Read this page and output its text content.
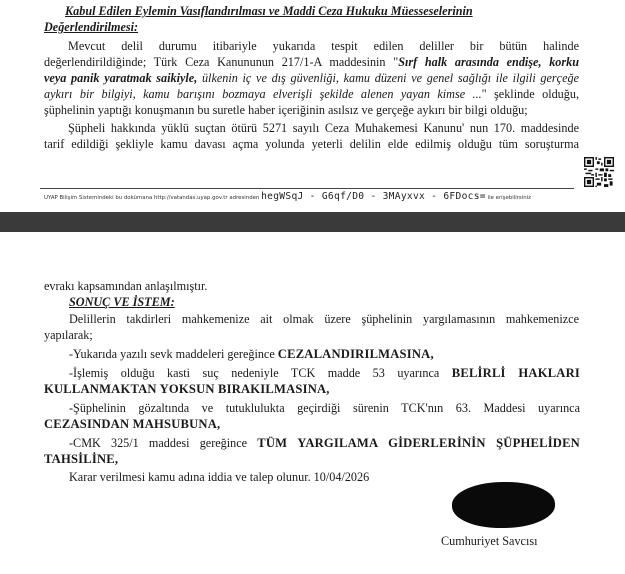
Kabul Edilen Eylemin Vasıflandırılması ve Maddi Ceza Hukuku Müesseselerinin
Değerlendirilmesi:
Mevcut delil durumu itibariyle yukarıda tespit edilen deliller bir bütün halinde
değerlendirildiğinde; Türk Ceza Kanununun 217/1-A maddesinin "Sırf halk arasında endişe, korku
veya panik yaratmak saikiyle, ülkenin iç ve dış güvenliği, kamu düzeni ve genel sağlığı ile ilgili gerçeğe
aykırı bir bilgiyi, kamu barışını bozmaya elverişli şekilde alenen yayan kimse ..." şeklinde olduğu,
şüphelinin yaptığı konuşmanın bu suretle haber içeriğinin asılsız ve gerçeğe aykırı bir bilgi olduğu;
Şüpheli hakkında yüklü suçtan ötürü 5271 sayılı Ceza Muhakemesi Kanunu' nun 170. maddesinde
tarif edildiği şekliyle kamu davası açma yolunda yeterli delilin elde edilmiş olduğu tüm soruşturma
UYAP Bilişim Sistemindeki bu dokümana http://vatandas.uyap.gov.tr adresinden hegWSqJ - G6qf/D0 - 3MAyxvx - 6FDocs= ile erişebilirsiniz
evrakı kapsamından anlaşılmıştır.
SONUÇ VE İSTEM:
Delillerin takdirleri mahkemenize ait olmak üzere şüphelinin yargılamasının mahkemenizce
yapılarak;
-Yukarıda yazılı sevk maddeleri gereğince CEZALANDIRILMASINA,
-İşlemiş olduğu kasti suç nedeniyle TCK madde 53 uyarınca BELİRLİ HAKLARI
KULLANMAKTAN YOKSUN BIRAKILMASINA,
-Şüphelinin gözaltında ve tutuklulukta geçirdiği sürenin TCK'nın 63. Maddesi uyarınca
CEZASINDAN MAHSUBUNA,
-CMK 325/1 maddesi gereğince TÜM YARGILAMA GİDERLERİNİN ŞÜPHELİDEN
TAHSİLİNE,
Karar verilmesi kamu adına iddia ve talep olunur. 10/04/2026
Cumhuriyet Savcısı
